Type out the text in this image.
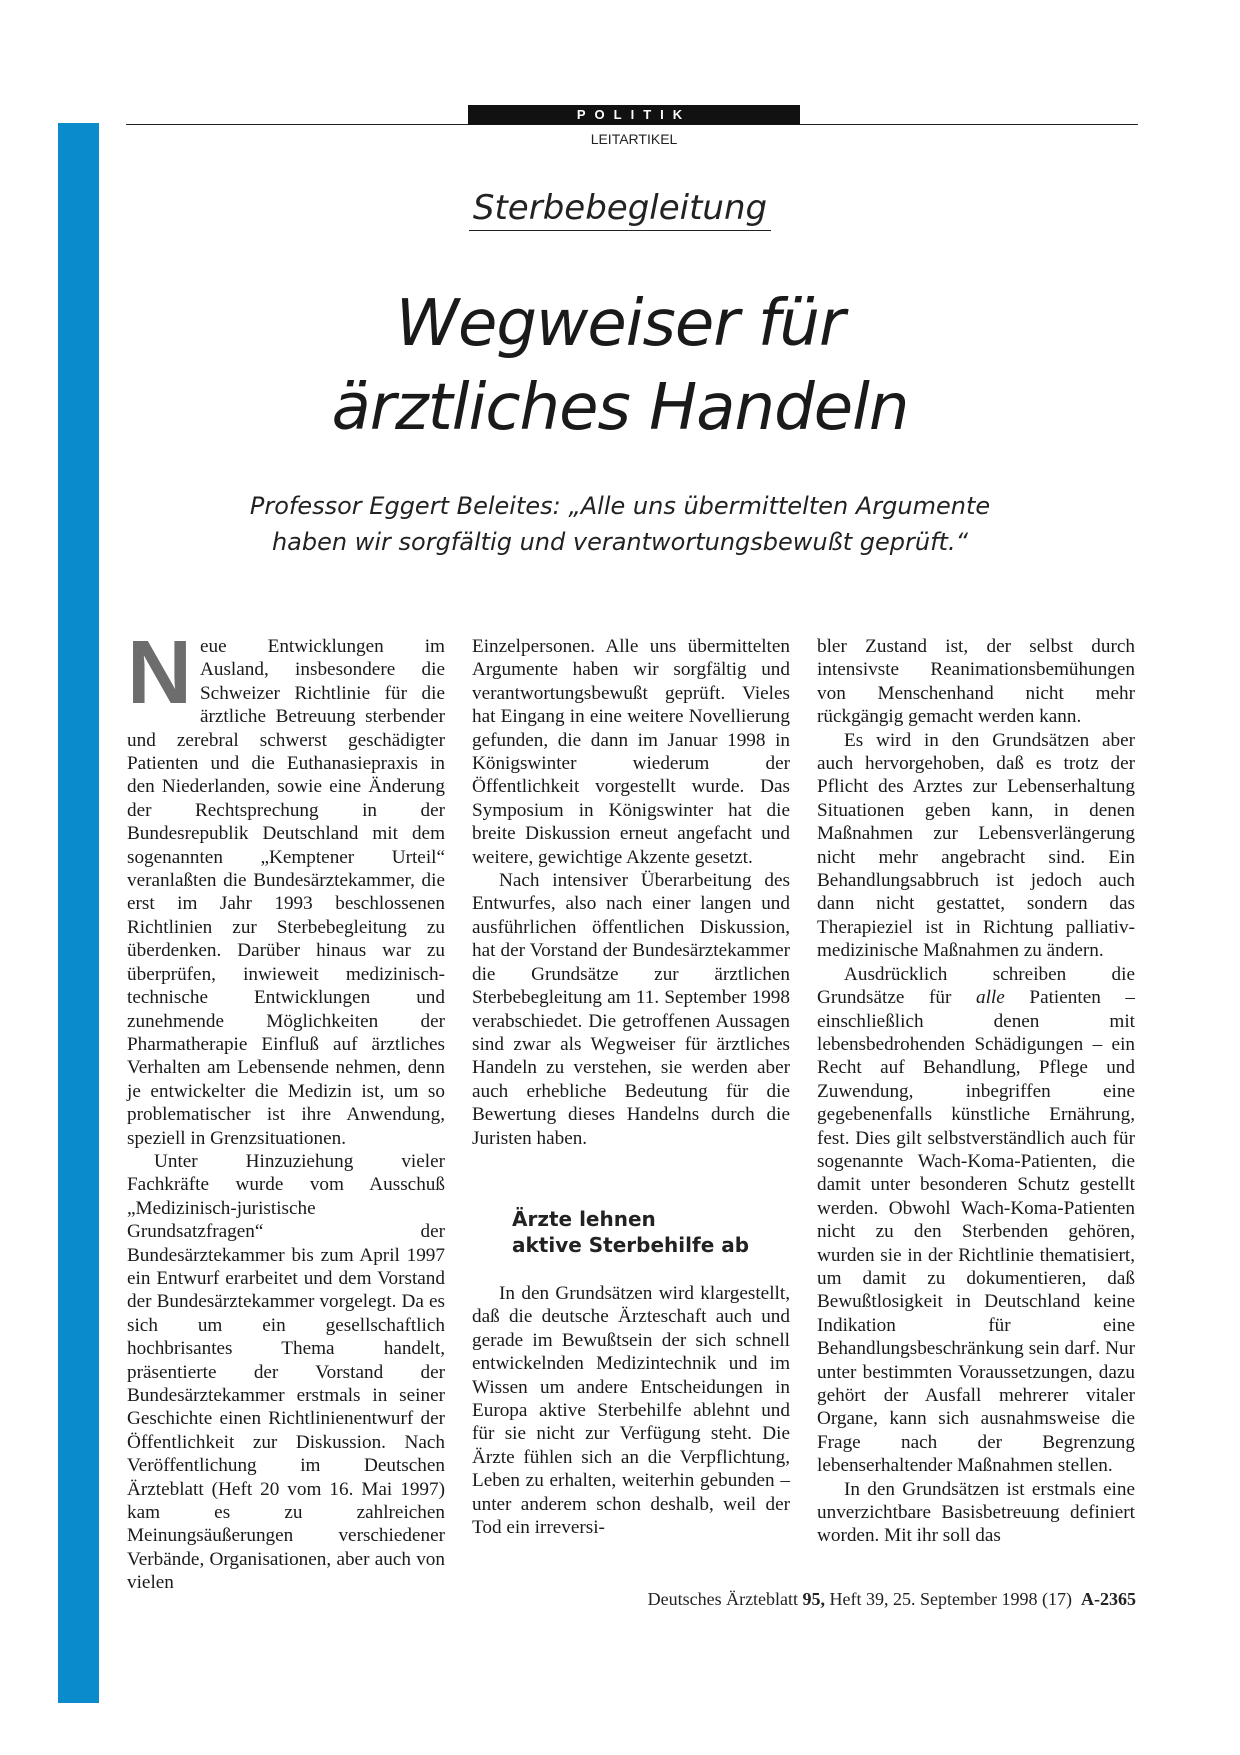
POLITIK
LEITARTIKEL
Sterbebegleitung
Wegweiser für
ärztliches Handeln
Professor Eggert Beleites: „Alle uns übermittelten Argumente
haben wir sorgfältig und verantwortungsbewußt geprüft.“

Neue Entwicklungen im Ausland, insbesondere die Schweizer Richtlinie für die ärztliche Betreuung sterbender und zerebral schwerst geschädigter Patienten und die Euthanasiepraxis in den Niederlanden, sowie eine Änderung der Rechtsprechung in der Bundesrepublik Deutschland mit dem sogenannten „Kemptener Urteil“ veranlaßten die Bundesärztekammer, die erst im Jahr 1993 beschlossenen Richtlinien zur Sterbebegleitung zu überdenken. Darüber hinaus war zu überprüfen, inwieweit medizinisch-technische Entwicklungen und zunehmende Möglichkeiten der Pharmatherapie Einfluß auf ärztliches Verhalten am Lebensende nehmen, denn je entwickelter die Medizin ist, um so problematischer ist ihre Anwendung, speziell in Grenzsituationen.

Unter Hinzuziehung vieler Fachkräfte wurde vom Ausschuß „Medizinisch-juristische Grundsatzfragen“ der Bundesärztekammer bis zum April 1997 ein Entwurf erarbeitet und dem Vorstand der Bundesärztekammer vorgelegt. Da es sich um ein gesellschaftlich hochbrisantes Thema handelt, präsentierte der Vorstand der Bundesärztekammer erstmals in seiner Geschichte einen Richtlinienentwurf der Öffentlichkeit zur Diskussion. Nach Veröffentlichung im Deutschen Ärzteblatt (Heft 20 vom 16. Mai 1997) kam es zu zahlreichen Meinungsäußerungen verschiedener Verbände, Organisationen, aber auch von vielen

Einzelpersonen. Alle uns übermittelten Argumente haben wir sorgfältig und verantwortungsbewußt geprüft. Vieles hat Eingang in eine weitere Novellierung gefunden, die dann im Januar 1998 in Königswinter wiederum der Öffentlichkeit vorgestellt wurde. Das Symposium in Königswinter hat die breite Diskussion erneut angefacht und weitere, gewichtige Akzente gesetzt.

Nach intensiver Überarbeitung des Entwurfes, also nach einer langen und ausführlichen öffentlichen Diskussion, hat der Vorstand der Bundesärztekammer die Grundsätze zur ärztlichen Sterbebegleitung am 11. September 1998 verabschiedet. Die getroffenen Aussagen sind zwar als Wegweiser für ärztliches Handeln zu verstehen, sie werden aber auch erhebliche Bedeutung für die Bewertung dieses Handelns durch die Juristen haben.

Ärzte lehnen
aktive Sterbehilfe ab

In den Grundsätzen wird klargestellt, daß die deutsche Ärzteschaft auch und gerade im Bewußtsein der sich schnell entwickelnden Medizintechnik und im Wissen um andere Entscheidungen in Europa aktive Sterbehilfe ablehnt und für sie nicht zur Verfügung steht. Die Ärzte fühlen sich an die Verpflichtung, Leben zu erhalten, weiterhin gebunden – unter anderem schon deshalb, weil der Tod ein irreversi-

bler Zustand ist, der selbst durch intensivste Reanimationsbemühungen von Menschenhand nicht mehr rückgängig gemacht werden kann.

Es wird in den Grundsätzen aber auch hervorgehoben, daß es trotz der Pflicht des Arztes zur Lebenserhaltung Situationen geben kann, in denen Maßnahmen zur Lebensverlängerung nicht mehr angebracht sind. Ein Behandlungsabbruch ist jedoch auch dann nicht gestattet, sondern das Therapieziel ist in Richtung palliativ-medizinische Maßnahmen zu ändern.

Ausdrücklich schreiben die Grundsätze für alle Patienten – einschließlich denen mit lebensbedrohenden Schädigungen – ein Recht auf Behandlung, Pflege und Zuwendung, inbegriffen eine gegebenenfalls künstliche Ernährung, fest. Dies gilt selbstverständlich auch für sogenannte Wach-Koma-Patienten, die damit unter besonderen Schutz gestellt werden. Obwohl Wach-Koma-Patienten nicht zu den Sterbenden gehören, wurden sie in der Richtlinie thematisiert, um damit zu dokumentieren, daß Bewußtlosigkeit in Deutschland keine Indikation für eine Behandlungsbeschränkung sein darf. Nur unter bestimmten Voraussetzungen, dazu gehört der Ausfall mehrerer vitaler Organe, kann sich ausnahmsweise die Frage nach der Begrenzung lebenserhaltender Maßnahmen stellen.

In den Grundsätzen ist erstmals eine unverzichtbare Basisbetreuung definiert worden. Mit ihr soll das

Deutsches Ärzteblatt 95, Heft 39, 25. September 1998 (17) A-2365
